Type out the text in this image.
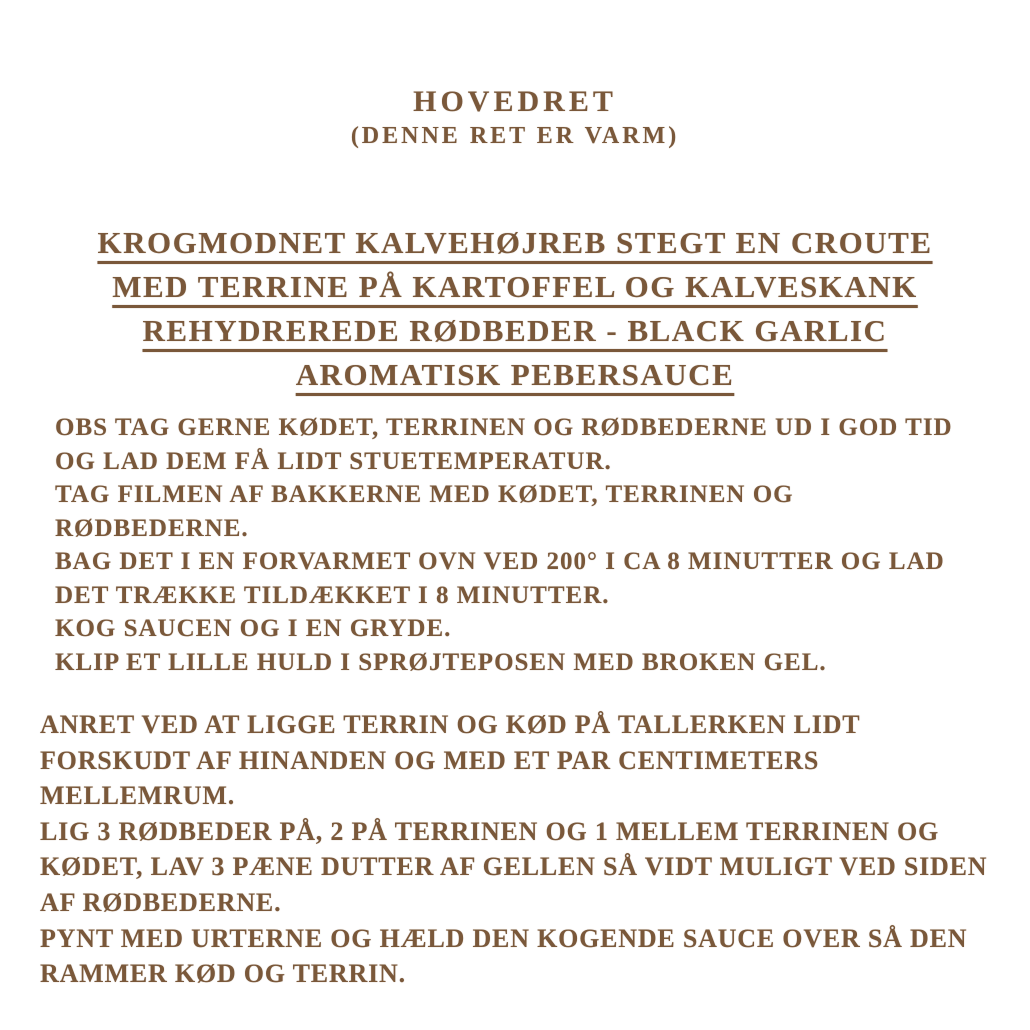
HOVEDRET
(DENNE RET ER VARM)
KROGMODNET KALVEHØJREB STEGT EN CROUTE
MED TERRINE PÅ KARTOFFEL OG KALVESKANK
REHYDREREDE RØDBEDER - BLACK GARLIC
AROMATISK PEBERSAUCE
OBS TAG GERNE KØDET, TERRINEN OG RØDBEDERNE UD I GOD TID
OG LAD DEM FÅ LIDT STUETEMPERATUR.
TAG FILMEN AF BAKKERNE MED KØDET, TERRINEN OG
RØDBEDERNE.
BAG DET I EN FORVARMET OVN VED 200° I CA 8 MINUTTER OG LAD
DET TRÆKKE TILDÆKKET I 8 MINUTTER.
KOG SAUCEN OG I EN GRYDE.
KLIP ET LILLE HULD I SPRØJTEPOSEN MED BROKEN GEL.
ANRET VED AT LIGGE TERRIN OG KØD PÅ TALLERKEN LIDT
FORSKUDT AF HINANDEN OG MED ET PAR CENTIMETERS
MELLEMRUM.
LIG 3 RØDBEDER PÅ, 2 PÅ TERRINEN OG 1 MELLEM TERRINEN OG
KØDET, LAV 3 PÆNE DUTTER AF GELLEN SÅ VIDT MULIGT VED SIDEN
AF RØDBEDERNE.
PYNT MED URTERNE OG HÆLD DEN KOGENDE SAUCE OVER SÅ DEN
RAMMER KØD OG TERRIN.
